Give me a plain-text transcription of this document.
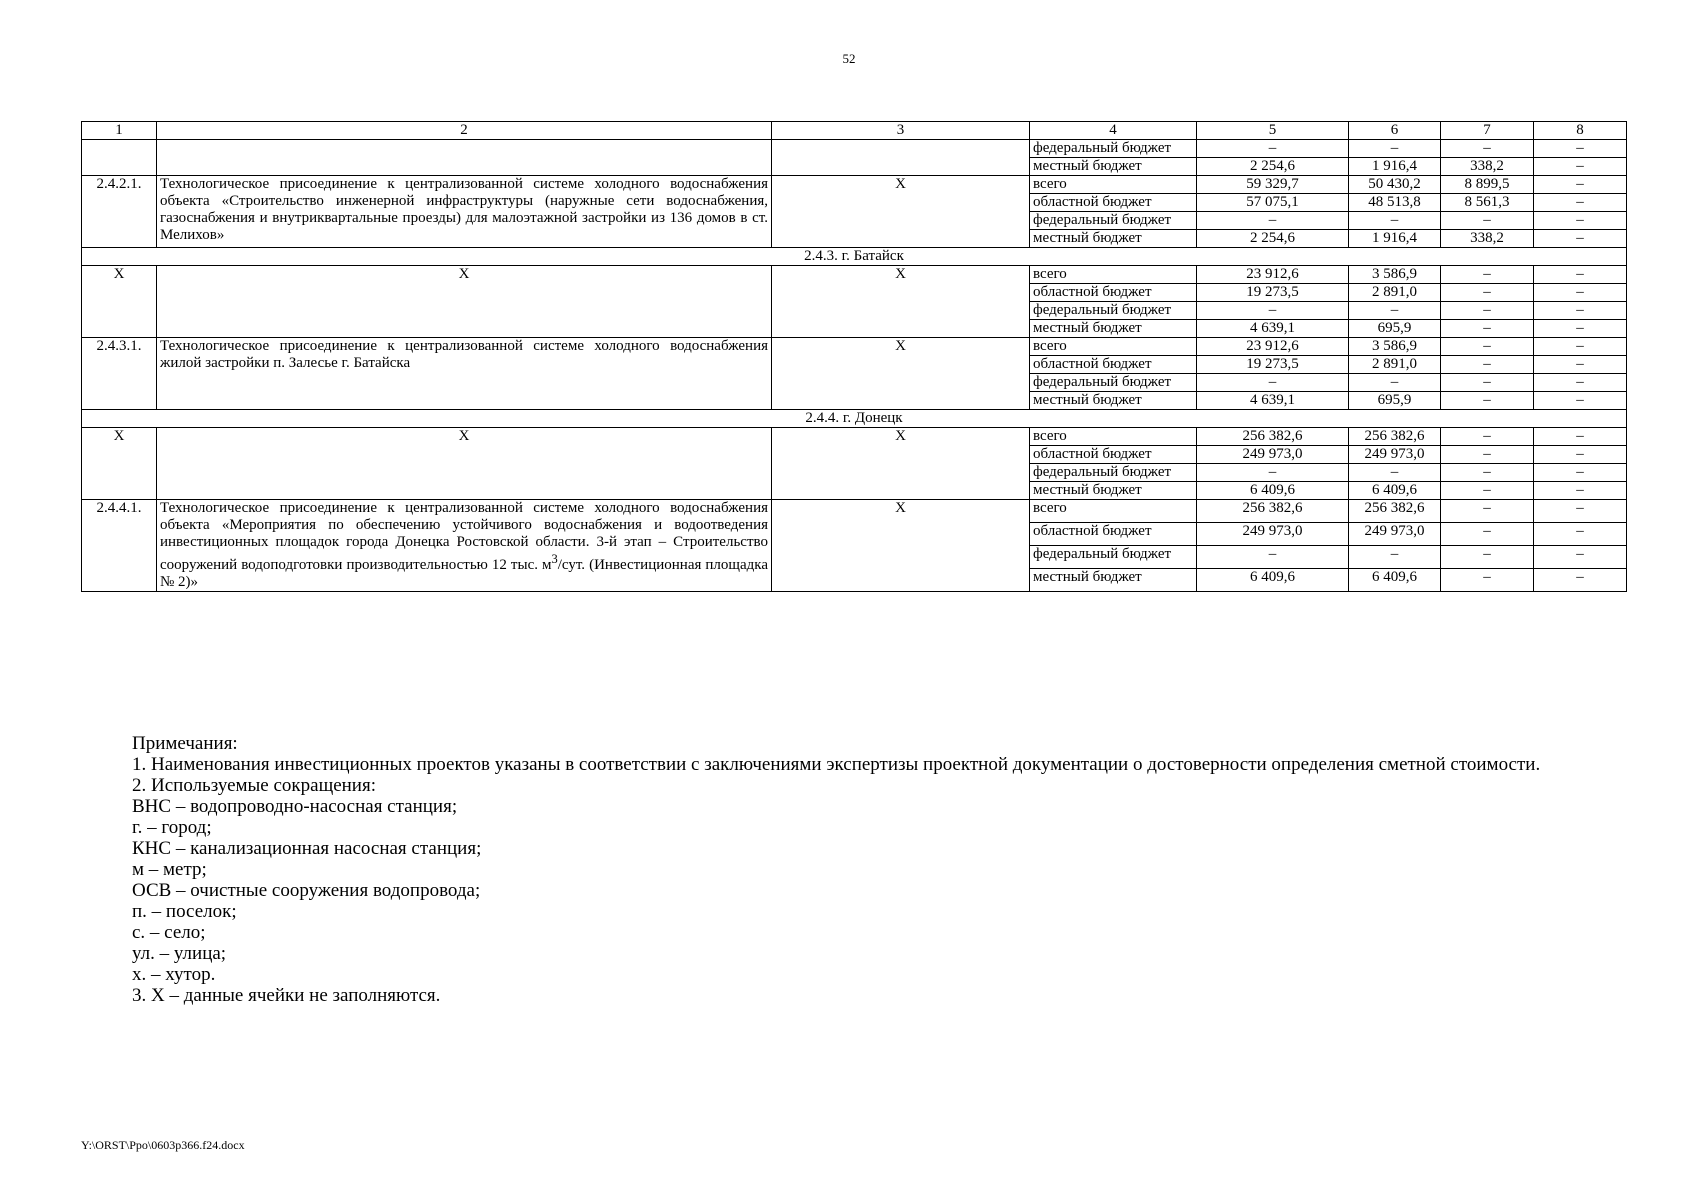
52
1	2	3	4	5	6	7	8
			федеральный бюджет	–	–	–	–
			местный бюджет	2 254,6	1 916,4	338,2	–
2.4.2.1.	Технологическое присоединение к централизованной системе холодного водоснабжения объекта «Строительство инженерной инфраструктуры (наружные сети водоснабжения, газоснабжения и внутриквартальные проезды) для малоэтажной застройки из 136 домов в ст. Мелихов»	Х	всего	59 329,7	50 430,2	8 899,5	–
			областной бюджет	57 075,1	48 513,8	8 561,3	–
			федеральный бюджет	–	–	–	–
			местный бюджет	2 254,6	1 916,4	338,2	–
2.4.3. г. Батайск							
Х	Х	Х	всего	23 912,6	3 586,9	–	–
			областной бюджет	19 273,5	2 891,0	–	–
			федеральный бюджет	–	–	–	–
			местный бюджет	4 639,1	695,9	–	–
2.4.3.1.	Технологическое присоединение к централизованной системе холодного водоснабжения жилой застройки п. Залесье г. Батайска	Х	всего	23 912,6	3 586,9	–	–
			областной бюджет	19 273,5	2 891,0	–	–
			федеральный бюджет	–	–	–	–
			местный бюджет	4 639,1	695,9	–	–
2.4.4. г. Донецк							
Х	Х	Х	всего	256 382,6	256 382,6	–	–
			областной бюджет	249 973,0	249 973,0	–	–
			федеральный бюджет	–	–	–	–
			местный бюджет	6 409,6	6 409,6	–	–
2.4.4.1.	Технологическое присоединение к централизованной системе холодного водоснабжения объекта «Мероприятия по обеспечению устойчивого водоснабжения и водоотведения инвестиционных площадок города Донецка Ростовской области. 3-й этап – Строительство сооружений водоподготовки производительностью 12 тыс. $м^3$/сут. (Инвестиционная площадка № 2)»	Х	всего	256 382,6	256 382,6	–	–
			областной бюджет	249 973,0	249 973,0	–	–
			федеральный бюджет	–	–	–	–
			местный бюджет	6 409,6	6 409,6	–	–
Примечания:
1. Наименования инвестиционных проектов указаны в соответствии с заключениями экспертизы проектной документации о достоверности определения сметной стоимости.
2. Используемые сокращения:
ВНС – водопроводно-насосная станция;
г. – город;
КНС – канализационная насосная станция;
м – метр;
ОСВ – очистные сооружения водопровода;
п. – поселок;
с. – село;
ул. – улица;
х. – хутор.
3. Х – данные ячейки не заполняются.
Y:\ORST\Ppo\0603p366.f24.docx
